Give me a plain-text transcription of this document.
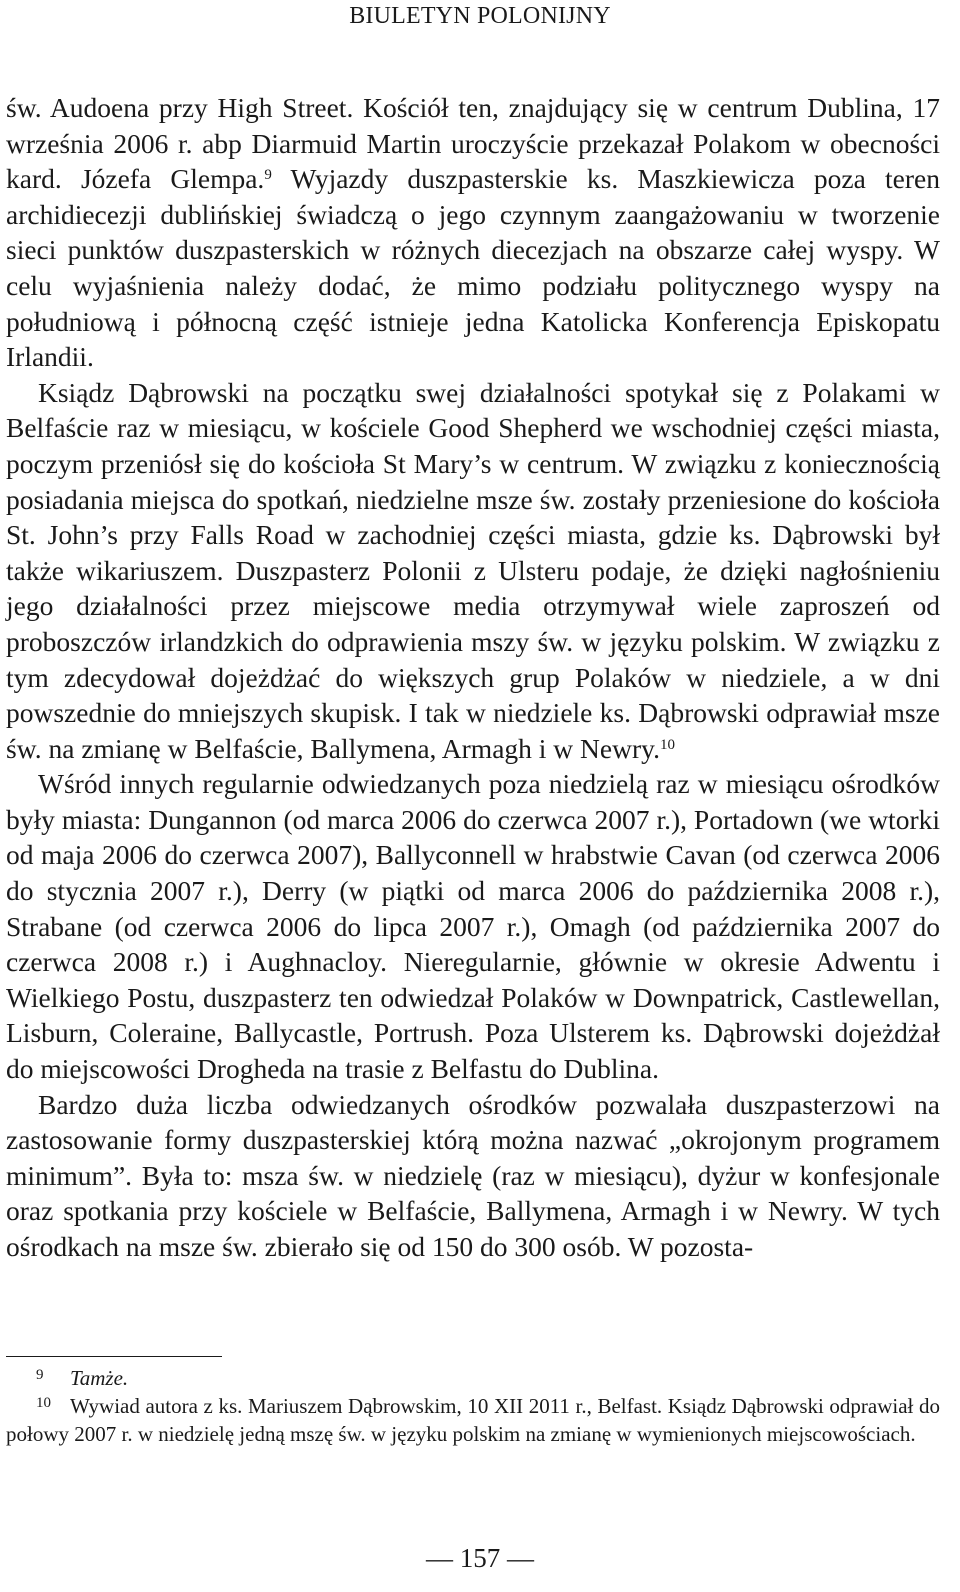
BIULETYN POLONIJNY

św. Audoena przy High Street. Kościół ten, znajdujący się w centrum Dublina, 17 września 2006 r. abp Diarmuid Martin uroczyście przekazał Polakom w obecności kard. Józefa Glempa.$^9$ Wyjazdy duszpasterskie ks. Maszkiewicza poza teren archidiecezji dublińskiej świadczą o jego czynnym zaangażowaniu w tworzenie sieci punktów duszpasterskich w różnych diecezjach na obszarze całej wyspy. W celu wyjaśnienia należy dodać, że mimo podziału politycznego wyspy na południową i północną część istnieje jedna Katolicka Konferencja Episkopatu Irlandii.

Ksiądz Dąbrowski na początku swej działalności spotykał się z Polakami w Belfaście raz w miesiącu, w kościele Good Shepherd we wschodniej części miasta, poczym przeniósł się do kościoła St Mary’s w centrum. W związku z koniecznością posiadania miejsca do spotkań, niedzielne msze św. zostały przeniesione do kościoła St. John’s przy Falls Road w zachodniej części miasta, gdzie ks. Dąbrowski był także wikariuszem. Duszpasterz Polonii z Ulsteru podaje, że dzięki nagłośnieniu jego działalności przez miejscowe media otrzymywał wiele zaproszeń od proboszczów irlandzkich do odprawienia mszy św. w języku polskim. W związku z tym zdecydował dojeżdżać do większych grup Polaków w niedziele, a w dni powszednie do mniejszych skupisk. I tak w niedziele ks. Dąbrowski odprawiał msze św. na zmianę w Belfaście, Ballymena, Armagh i w Newry.$^{10}$

Wśród innych regularnie odwiedzanych poza niedzielą raz w miesiącu ośrodków były miasta: Dungannon (od marca 2006 do czerwca 2007 r.), Portadown (we wtorki od maja 2006 do czerwca 2007), Ballyconnell w hrabstwie Cavan (od czerwca 2006 do stycznia 2007 r.), Derry (w piątki od marca 2006 do października 2008 r.), Strabane (od czerwca 2006 do lipca 2007 r.), Omagh (od października 2007 do czerwca 2008 r.) i Aughnacloy. Nieregularnie, głównie w okresie Adwentu i Wielkiego Postu, duszpasterz ten odwiedzał Polaków w Downpatrick, Castlewellan, Lisburn, Coleraine, Ballycastle, Portrush. Poza Ulsterem ks. Dąbrowski dojeżdżał do miejscowości Drogheda na trasie z Belfastu do Dublina.

Bardzo duża liczba odwiedzanych ośrodków pozwalała duszpasterzowi na zastosowanie formy duszpasterskiej którą można nazwać „okrojonym programem minimum”. Była to: msza św. w niedzielę (raz w miesiącu), dyżur w konfesjonale oraz spotkania przy kościele w Belfaście, Ballymena, Armagh i w Newry. W tych ośrodkach na msze św. zbierało się od 150 do 300 osób. W pozosta-

9 Tamże.

10 Wywiad autora z ks. Mariuszem Dąbrowskim, 10 XII 2011 r., Belfast. Ksiądz Dąbrowski odprawiał do połowy 2007 r. w niedzielę jedną mszę św. w języku polskim na zmianę w wymienionych miejscowościach.

— 157 —
